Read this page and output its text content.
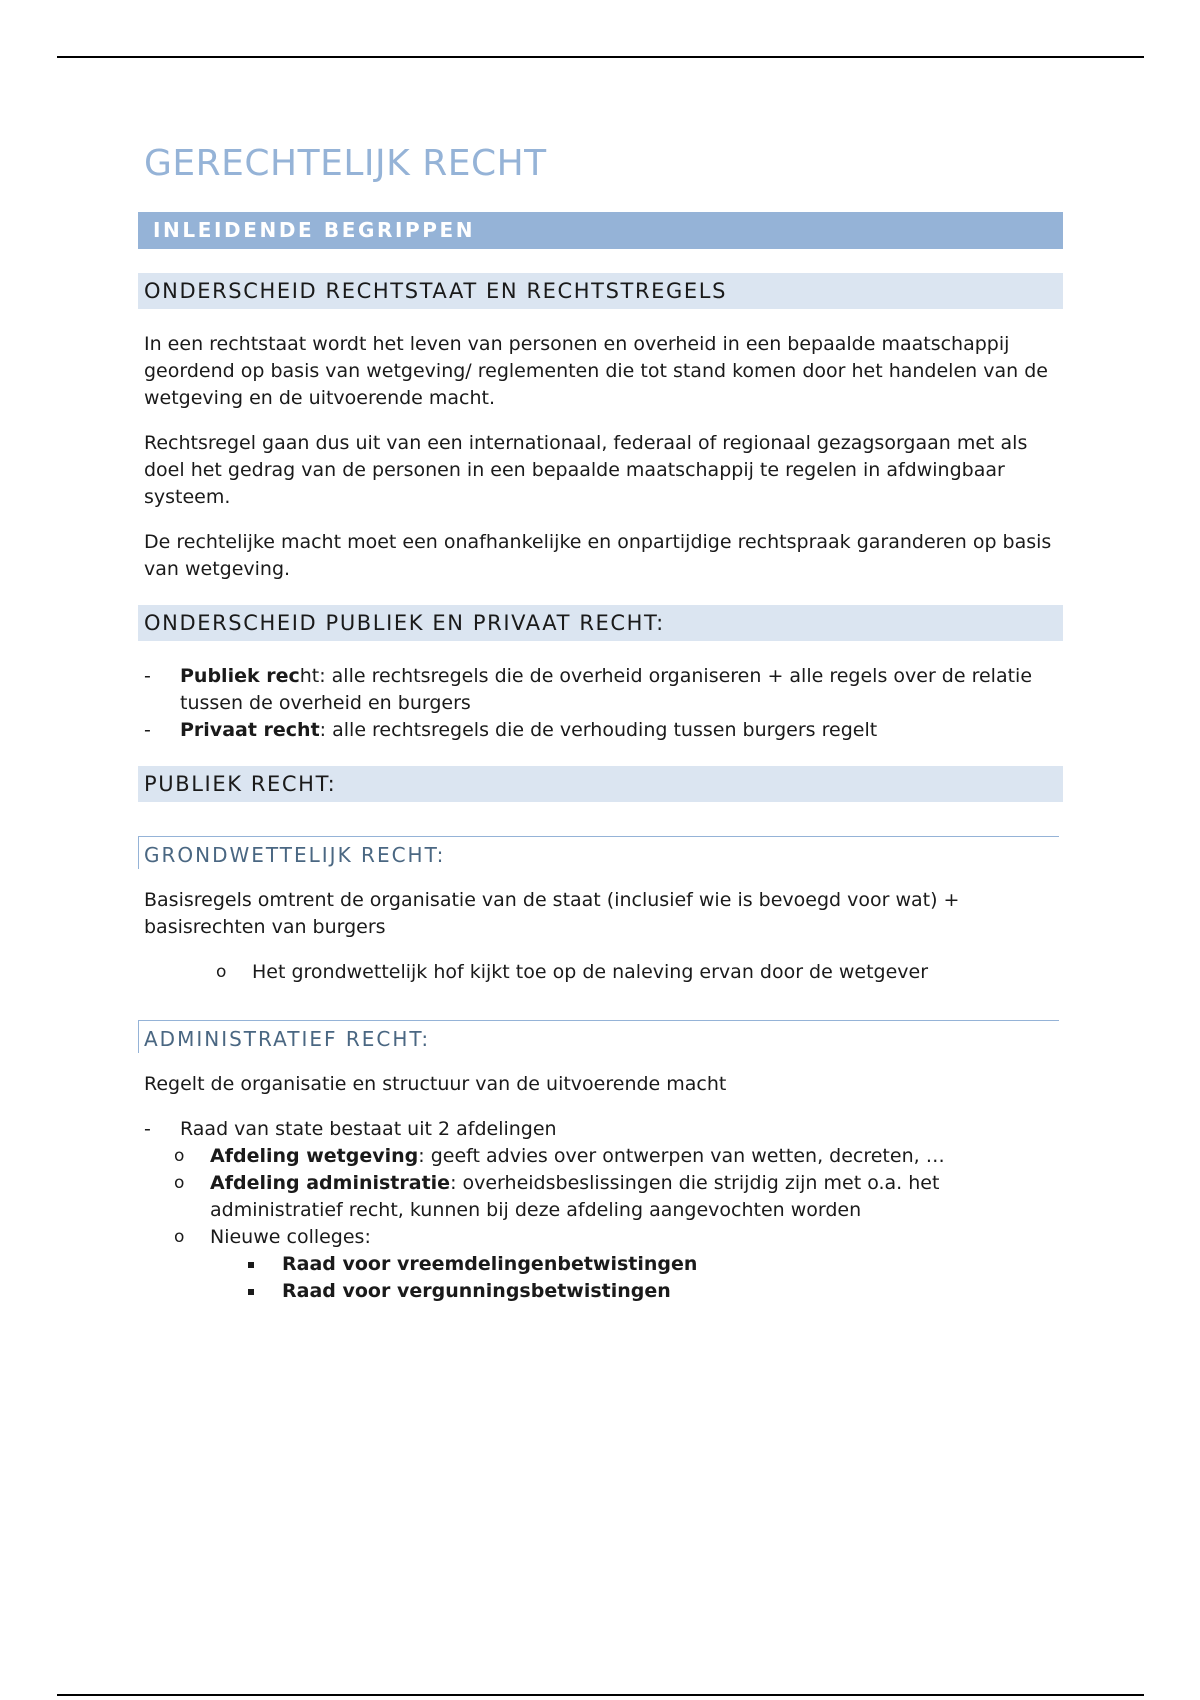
GERECHTELIJK RECHT
INLEIDENDE BEGRIPPEN
ONDERSCHEID RECHTSTAAT EN RECHTSTREGELS

In een rechtstaat wordt het leven van personen en overheid in een bepaalde maatschappij geordend op basis van wetgeving/ reglementen die tot stand komen door het handelen van de wetgeving en de uitvoerende macht.

Rechtsregel gaan dus uit van een internationaal, federaal of regionaal gezagsorgaan met als doel het gedrag van de personen in een bepaalde maatschappij te regelen in afdwingbaar systeem.

De rechtelijke macht moet een onafhankelijke en onpartijdige rechtspraak garanderen op basis van wetgeving.

ONDERSCHEID PUBLIEK EN PRIVAAT RECHT:
- Publiek recht: alle rechtsregels die de overheid organiseren + alle regels over de relatie tussen de overheid en burgers
- Privaat recht: alle rechtsregels die de verhouding tussen burgers regelt
PUBLIEK RECHT:
GRONDWETTELIJK RECHT:

Basisregels omtrent de organisatie van de staat (inclusief wie is bevoegd voor wat) + basisrechten van burgers

o Het grondwettelijk hof kijkt toe op de naleving ervan door de wetgever
ADMINISTRATIEF RECHT:

Regelt de organisatie en structuur van de uitvoerende macht

- Raad van state bestaat uit 2 afdelingen
o Afdeling wetgeving: geeft advies over ontwerpen van wetten, decreten, …
o Afdeling administratie: overheidsbeslissingen die strijdig zijn met o.a. het administratief recht, kunnen bij deze afdeling aangevochten worden
o Nieuwe colleges:
Raad voor vreemdelingenbetwistingen
Raad voor vergunningsbetwistingen
